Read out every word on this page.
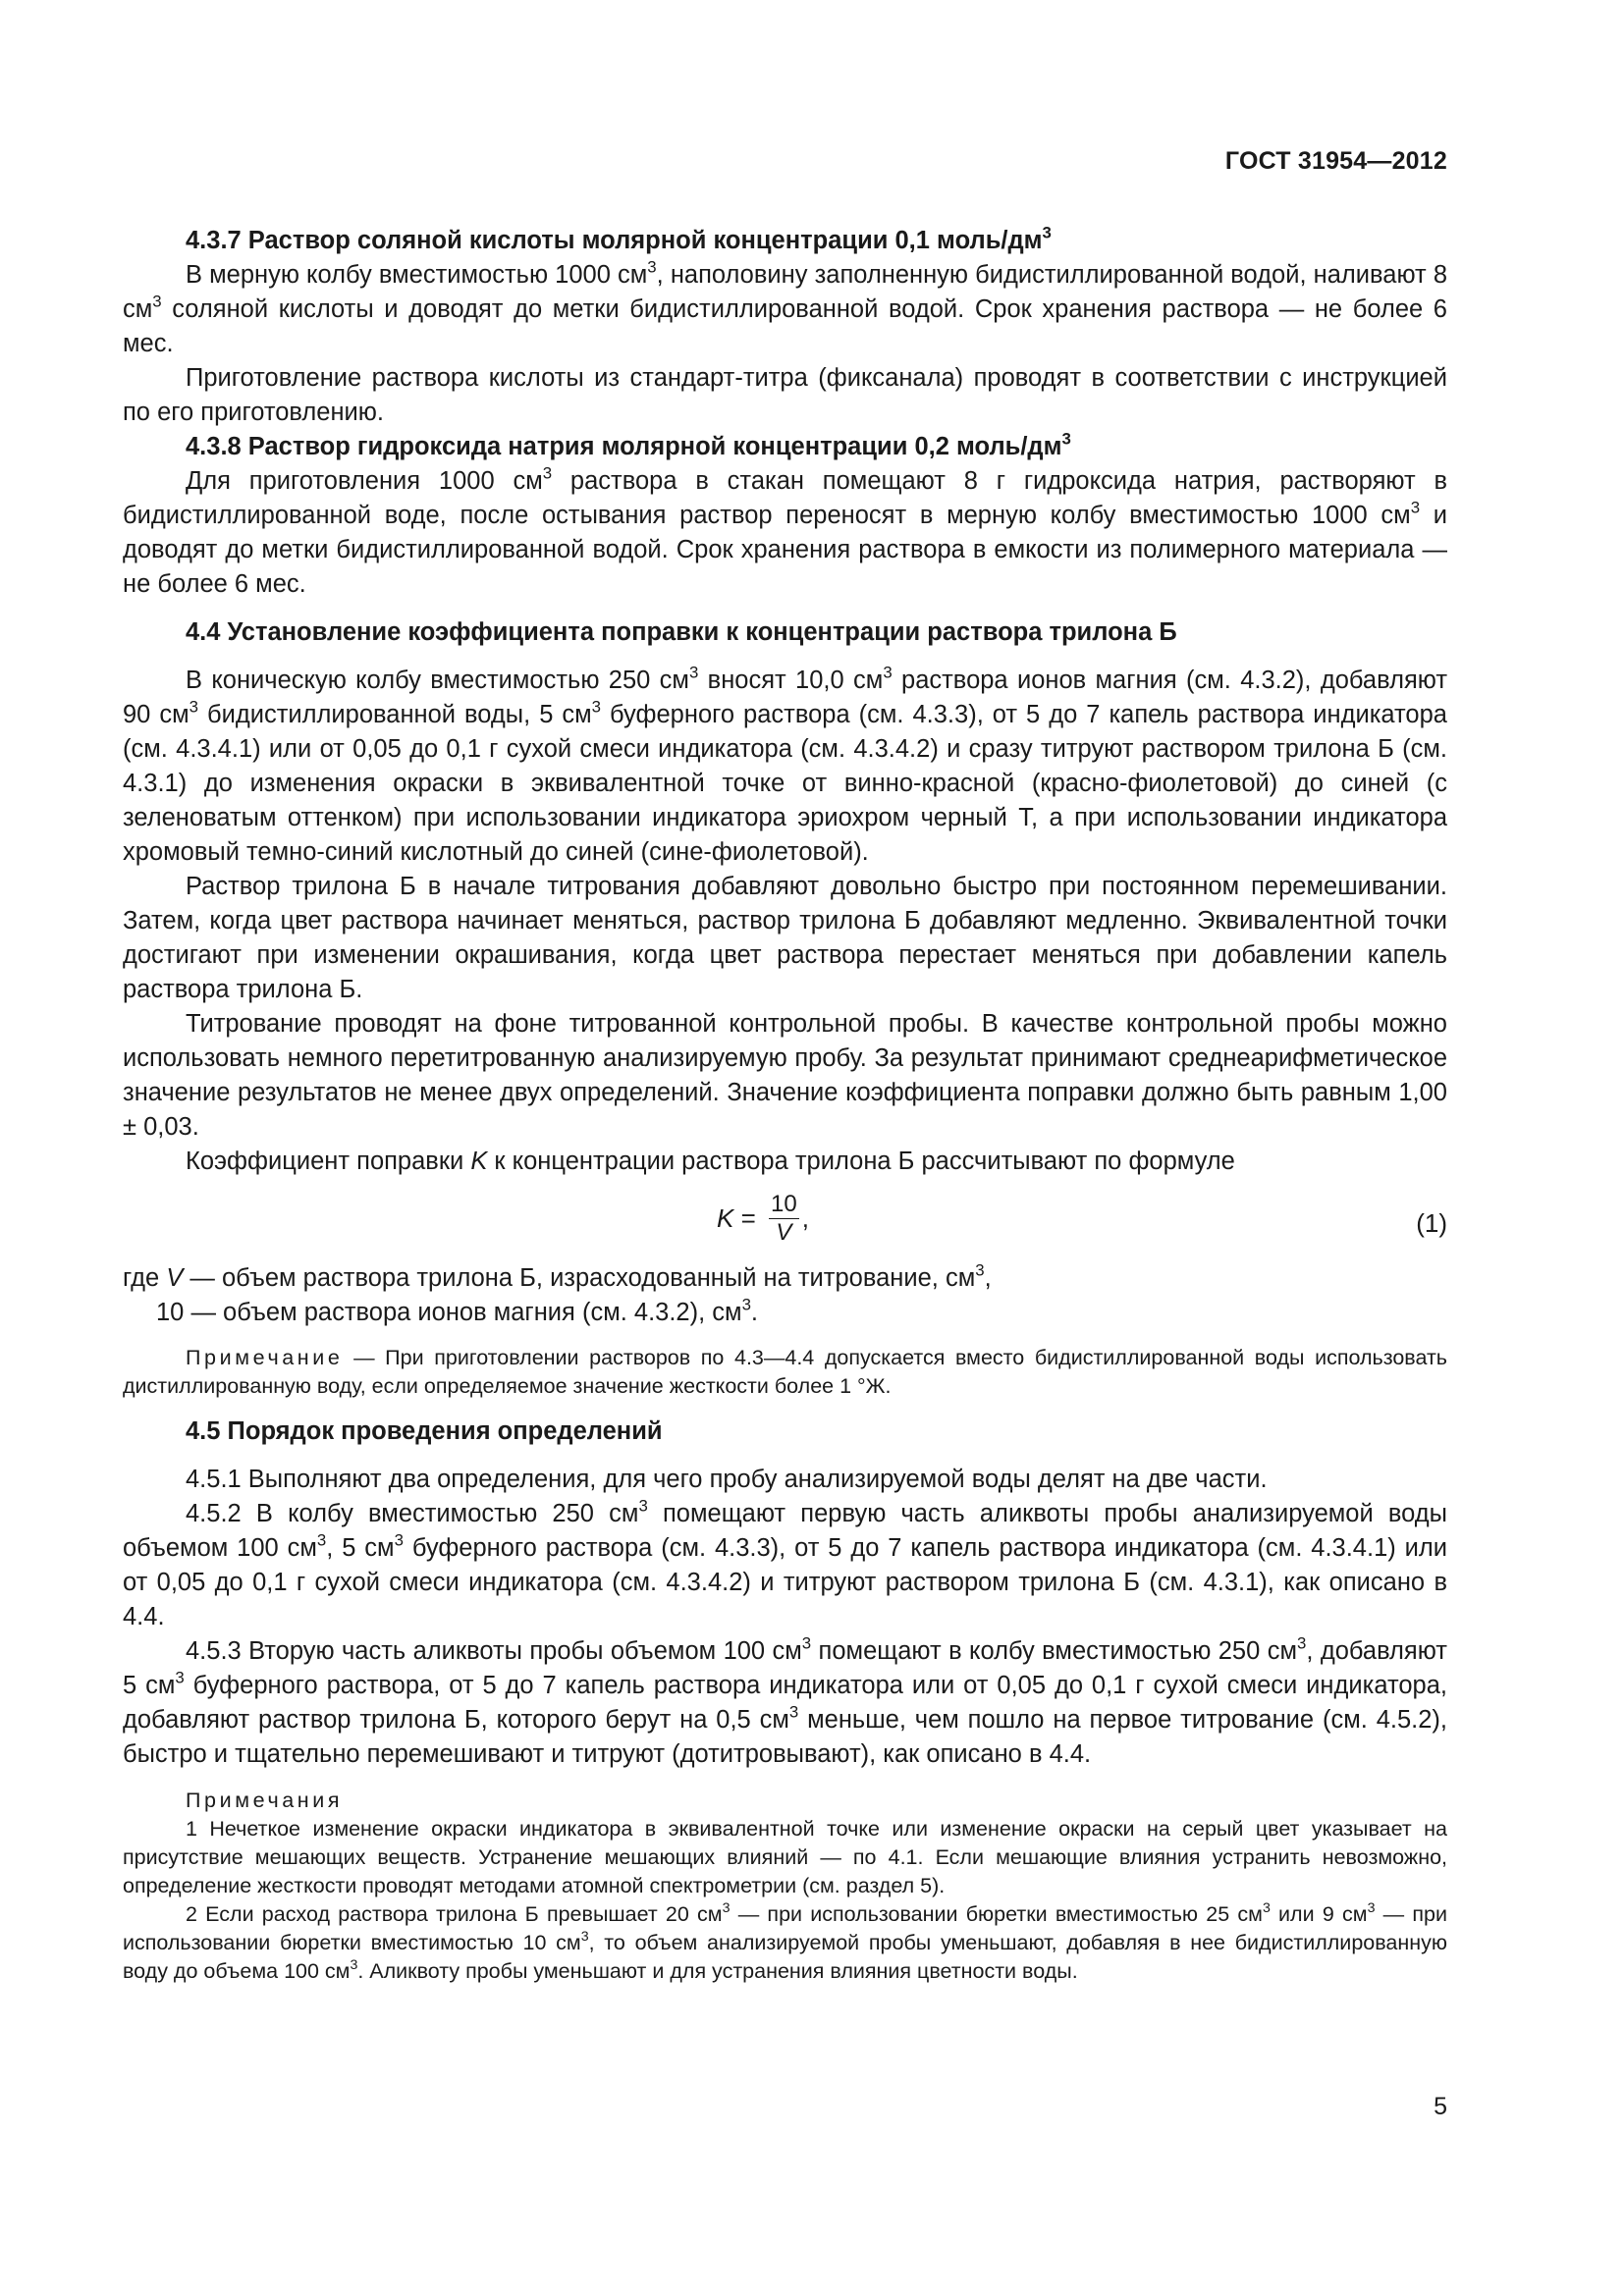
ГОСТ 31954—2012

4.3.7 Раствор соляной кислоты молярной концентрации 0,1 моль/$дм^3$

В мерную колбу вместимостью 1000 $см^3$, наполовину заполненную бидистиллированной водой, наливают 8 $см^3$ соляной кислоты и доводят до метки бидистиллированной водой. Срок хранения раствора — не более 6 мес.

Приготовление раствора кислоты из стандарт-титра (фиксанала) проводят в соответствии с инструкцией по его приготовлению.

4.3.8 Раствор гидроксида натрия молярной концентрации 0,2 моль/$дм^3$

Для приготовления 1000 $см^3$ раствора в стакан помещают 8 г гидроксида натрия, растворяют в бидистиллированной воде, после остывания раствор переносят в мерную колбу вместимостью 1000 $см^3$ и доводят до метки бидистиллированной водой. Срок хранения раствора в емкости из полимерного материала — не более 6 мес.

4.4 Установление коэффициента поправки к концентрации раствора трилона Б

В коническую колбу вместимостью 250 $см^3$ вносят 10,0 $см^3$ раствора ионов магния (см. 4.3.2), добавляют 90 $см^3$ бидистиллированной воды, 5 $см^3$ буферного раствора (см. 4.3.3), от 5 до 7 капель раствора индикатора (см. 4.3.4.1) или от 0,05 до 0,1 г сухой смеси индикатора (см. 4.3.4.2) и сразу титруют раствором трилона Б (см. 4.3.1) до изменения окраски в эквивалентной точке от винно-красной (красно-фиолетовой) до синей (с зеленоватым оттенком) при использовании индикатора эриохром черный Т, а при использовании индикатора хромовый темно-синий кислотный до синей (сине-фиолетовой).

Раствор трилона Б в начале титрования добавляют довольно быстро при постоянном перемешивании. Затем, когда цвет раствора начинает меняться, раствор трилона Б добавляют медленно. Эквивалентной точки достигают при изменении окрашивания, когда цвет раствора перестает меняться при добавлении капель раствора трилона Б.

Титрование проводят на фоне титрованной контрольной пробы. В качестве контрольной пробы можно использовать немного перетитрованную анализируемую пробу. За результат принимают среднеарифметическое значение результатов не менее двух определений. Значение коэффициента поправки должно быть равным 1,00 ± 0,03.

Коэффициент поправки K к концентрации раствора трилона Б рассчитывают по формуле

$K = \frac{10}{V}$ ,	(1)

где V — объем раствора трилона Б, израсходованный на титрование, $см^3$,

10 — объем раствора ионов магния (см. 4.3.2), $см^3$.

Примечание — При приготовлении растворов по 4.3—4.4 допускается вместо бидистиллированной воды использовать дистиллированную воду, если определяемое значение жесткости более 1 °Ж.

4.5 Порядок проведения определений

4.5.1 Выполняют два определения, для чего пробу анализируемой воды делят на две части.

4.5.2 В колбу вместимостью 250 $см^3$ помещают первую часть аликвоты пробы анализируемой воды объемом 100 $см^3$, 5 $см^3$ буферного раствора (см. 4.3.3), от 5 до 7 капель раствора индикатора (см. 4.3.4.1) или от 0,05 до 0,1 г сухой смеси индикатора (см. 4.3.4.2) и титруют раствором трилона Б (см. 4.3.1), как описано в 4.4.

4.5.3 Вторую часть аликвоты пробы объемом 100 $см^3$ помещают в колбу вместимостью 250 $см^3$, добавляют 5 $см^3$ буферного раствора, от 5 до 7 капель раствора индикатора или от 0,05 до 0,1 г сухой смеси индикатора, добавляют раствор трилона Б, которого берут на 0,5 $см^3$ меньше, чем пошло на первое титрование (см. 4.5.2), быстро и тщательно перемешивают и титруют (дотитровывают), как описано в 4.4.

Примечания

1 Нечеткое изменение окраски индикатора в эквивалентной точке или изменение окраски на серый цвет указывает на присутствие мешающих веществ. Устранение мешающих влияний — по 4.1. Если мешающие влияния устранить невозможно, определение жесткости проводят методами атомной спектрометрии (см. раздел 5).

2 Если расход раствора трилона Б превышает 20 $см^3$ — при использовании бюретки вместимостью 25 $см^3$ или 9 $см^3$ — при использовании бюретки вместимостью 10 $см^3$, то объем анализируемой пробы уменьшают, добавляя в нее бидистиллированную воду до объема 100 $см^3$. Аликвоту пробы уменьшают и для устранения влияния цветности воды.

5
